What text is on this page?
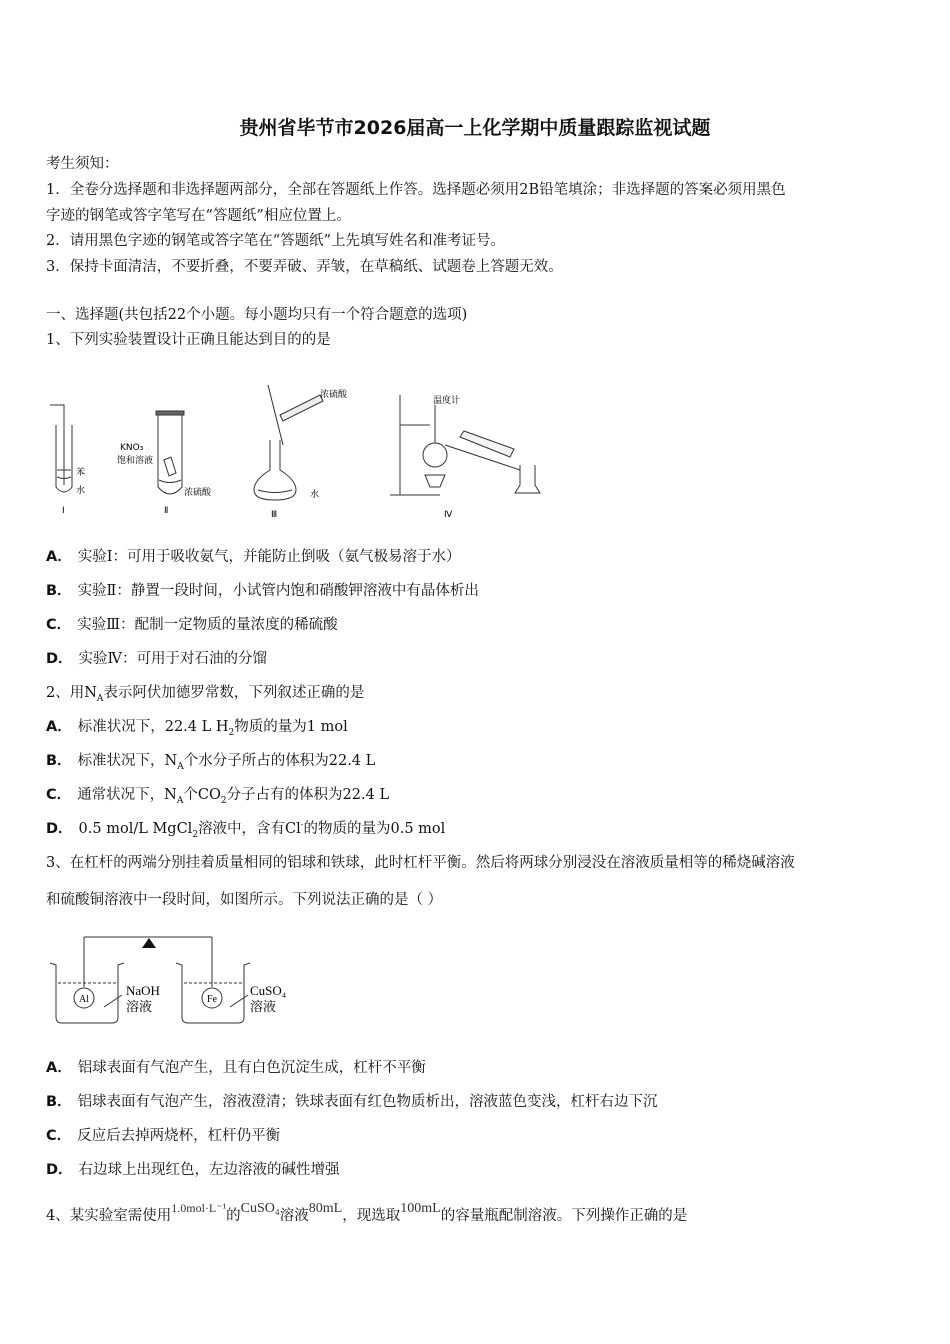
贵州省毕节市2026届高一上化学期中质量跟踪监视试题
考生须知：
1．全卷分选择题和非选择题两部分，全部在答题纸上作答。选择题必须用2B铅笔填涂；非选择题的答案必须用黑色
字迹的钢笔或答字笔写在“答题纸”相应位置上。
2．请用黑色字迹的钢笔或答字笔在“答题纸”上先填写姓名和准考证号。
3．保持卡面清洁，不要折叠，不要弄破、弄皱，在草稿纸、试题卷上答题无效。
一、选择题(共包括22个小题。每小题均只有一个符合题意的选项)
1、下列实验装置设计正确且能达到目的的是
苯
水
KNO₃
饱和溶液
浓硫酸
浓硫酸
水
温度计
Ⅰ	Ⅱ	Ⅲ	Ⅳ
A． 实验Ⅰ：可用于吸收氨气，并能防止倒吸（氨气极易溶于水）
B． 实验Ⅱ：静置一段时间，小试管内饱和硝酸钾溶液中有晶体析出
C． 实验Ⅲ：配制一定物质的量浓度的稀硫酸
D． 实验Ⅳ：可用于对石油的分馏
2、用$N_A$表示阿伏加德罗常数，下列叙述正确的是
A． 标准状况下，22.4 L $H_2$物质的量为1 mol
B． 标准状况下，$N_A$个水分子所占的体积为22.4 L
C． 通常状况下，$N_A$个$CO_2$分子占有的体积为22.4 L
D． 0.5 mol/L MgCl$_2$溶液中，含有Cl-的物质的量为0.5 mol
3、在杠杆的两端分别挂着质量相同的铝球和铁球，此时杠杆平衡。然后将两球分别浸没在溶液质量相等的稀烧碱溶液
和硫酸铜溶液中一段时间，如图所示。下列说法正确的是（ ）
Al	Fe
NaOH
溶液
CuSO₄
溶液
A． 铝球表面有气泡产生，且有白色沉淀生成，杠杆不平衡
B． 铝球表面有气泡产生，溶液澄清；铁球表面有红色物质析出，溶液蓝色变浅，杠杆右边下沉
C． 反应后去掉两烧杯，杠杆仍平衡
D． 右边球上出现红色，左边溶液的碱性增强
4、某实验室需使用$^{1.0mol\cdot L^{-1}}$的CuSO₄溶液80mL，现选取100mL的容量瓶配制溶液。下列操作正确的是
